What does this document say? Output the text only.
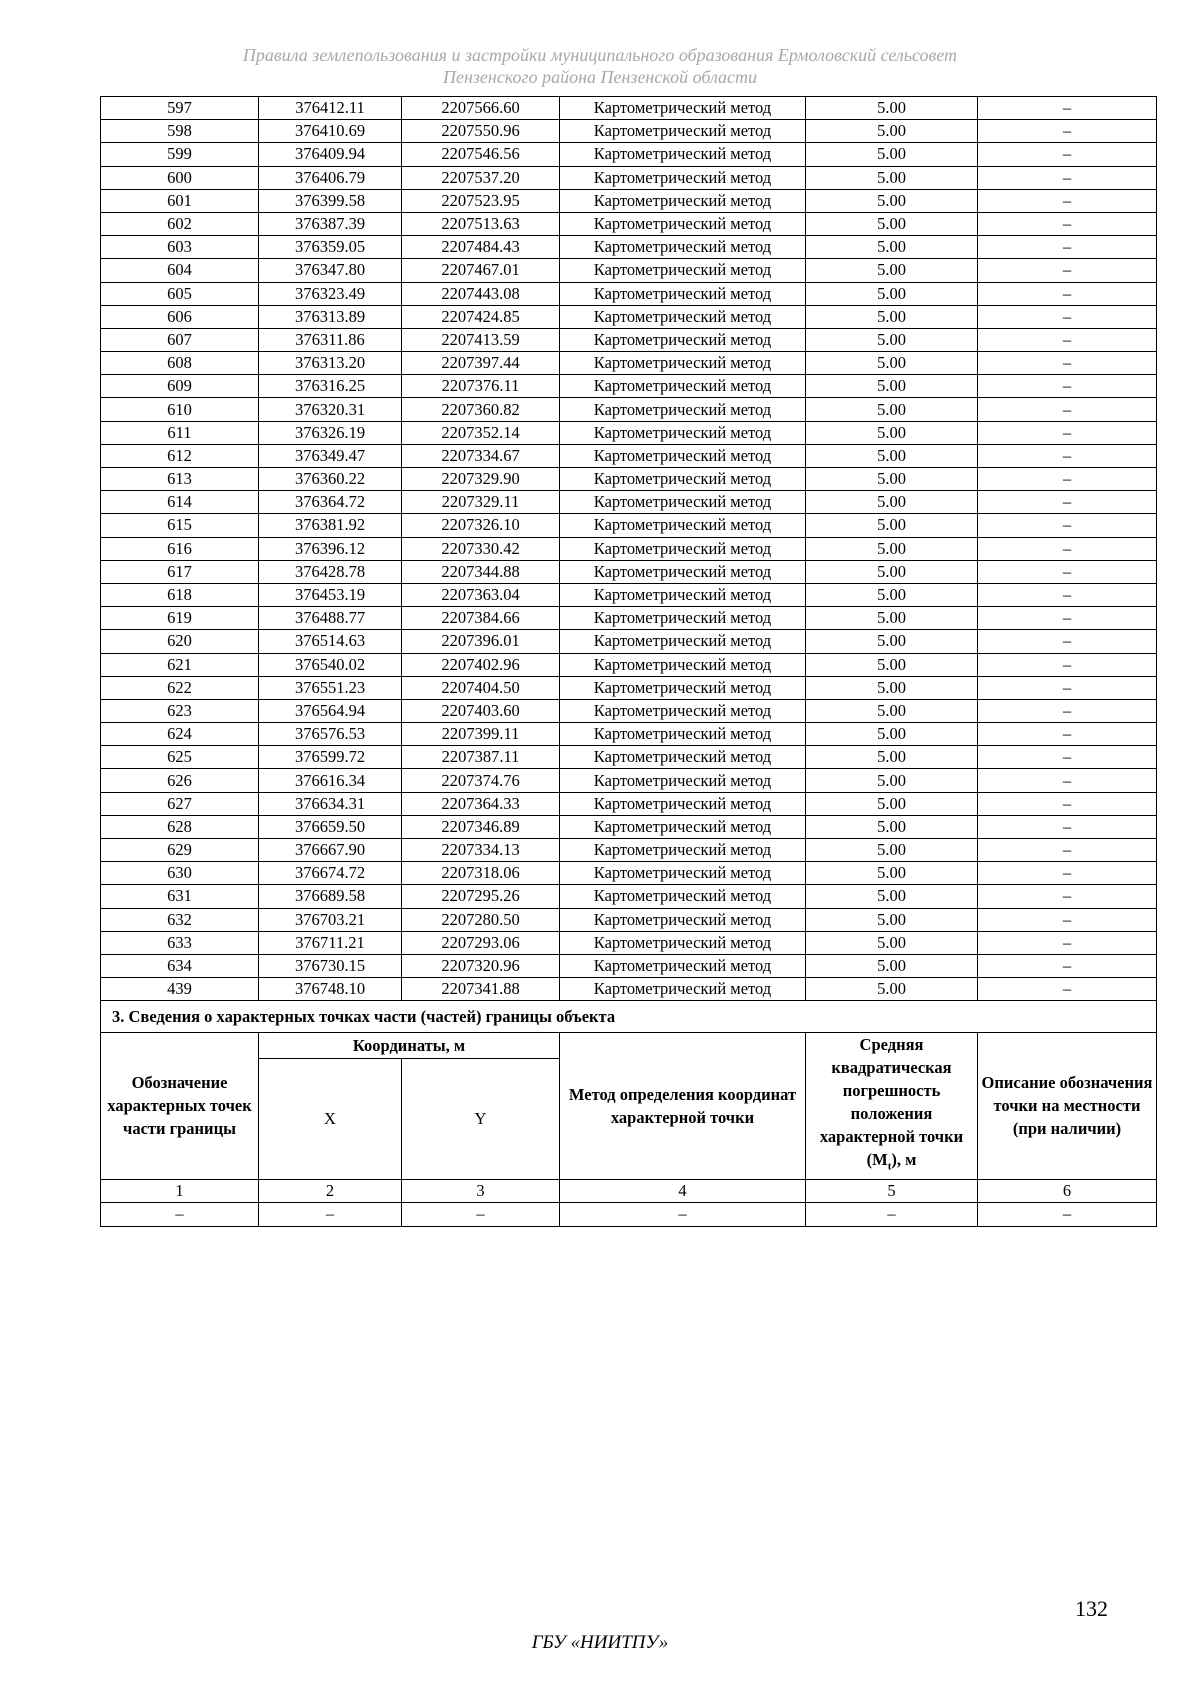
Правила землепользования и застройки муниципального образования Ермоловский сельсовет
Пензенского района Пензенской области
597	376412.11	2207566.60	Картометрический метод	5.00	–
598	376410.69	2207550.96	Картометрический метод	5.00	–
599	376409.94	2207546.56	Картометрический метод	5.00	–
600	376406.79	2207537.20	Картометрический метод	5.00	–
601	376399.58	2207523.95	Картометрический метод	5.00	–
602	376387.39	2207513.63	Картометрический метод	5.00	–
603	376359.05	2207484.43	Картометрический метод	5.00	–
604	376347.80	2207467.01	Картометрический метод	5.00	–
605	376323.49	2207443.08	Картометрический метод	5.00	–
606	376313.89	2207424.85	Картометрический метод	5.00	–
607	376311.86	2207413.59	Картометрический метод	5.00	–
608	376313.20	2207397.44	Картометрический метод	5.00	–
609	376316.25	2207376.11	Картометрический метод	5.00	–
610	376320.31	2207360.82	Картометрический метод	5.00	–
611	376326.19	2207352.14	Картометрический метод	5.00	–
612	376349.47	2207334.67	Картометрический метод	5.00	–
613	376360.22	2207329.90	Картометрический метод	5.00	–
614	376364.72	2207329.11	Картометрический метод	5.00	–
615	376381.92	2207326.10	Картометрический метод	5.00	–
616	376396.12	2207330.42	Картометрический метод	5.00	–
617	376428.78	2207344.88	Картометрический метод	5.00	–
618	376453.19	2207363.04	Картометрический метод	5.00	–
619	376488.77	2207384.66	Картометрический метод	5.00	–
620	376514.63	2207396.01	Картометрический метод	5.00	–
621	376540.02	2207402.96	Картометрический метод	5.00	–
622	376551.23	2207404.50	Картометрический метод	5.00	–
623	376564.94	2207403.60	Картометрический метод	5.00	–
624	376576.53	2207399.11	Картометрический метод	5.00	–
625	376599.72	2207387.11	Картометрический метод	5.00	–
626	376616.34	2207374.76	Картометрический метод	5.00	–
627	376634.31	2207364.33	Картометрический метод	5.00	–
628	376659.50	2207346.89	Картометрический метод	5.00	–
629	376667.90	2207334.13	Картометрический метод	5.00	–
630	376674.72	2207318.06	Картометрический метод	5.00	–
631	376689.58	2207295.26	Картометрический метод	5.00	–
632	376703.21	2207280.50	Картометрический метод	5.00	–
633	376711.21	2207293.06	Картометрический метод	5.00	–
634	376730.15	2207320.96	Картометрический метод	5.00	–
439	376748.10	2207341.88	Картометрический метод	5.00	–
3. Сведения о характерных точках части (частей) границы объекта					
Обозначение характерных точек части границы	Координаты, м		Метод определения координат характерной точки	Средняя квадратическая погрешность положения характерной точки $(M_t)$, м	Описание обозначения точки на местности (при наличии)
	X	Y			
1	2	3	4	5	6
–	–	–	–	–	–
132
ГБУ «НИИТПУ»
